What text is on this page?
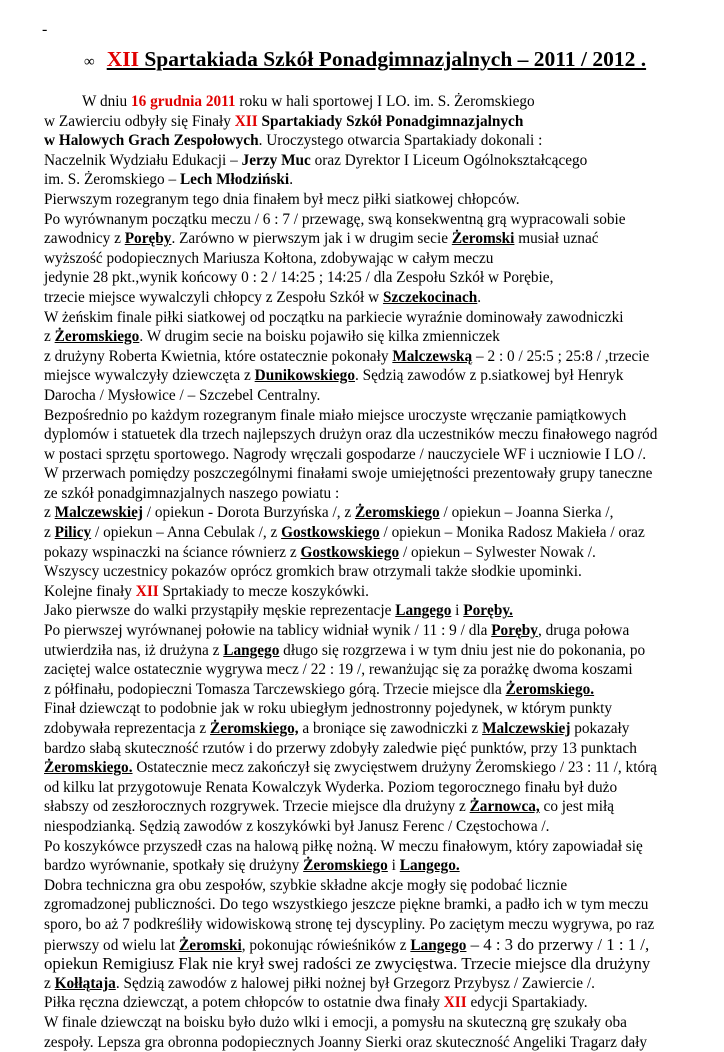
-
∞ XII Spartakiada Szkół Ponadgimnazjalnych – 2011 / 2012 .
W dniu 16 grudnia 2011 roku w hali sportowej I LO. im. S. Żeromskiego
w Zawierciu odbyły się Finały XII Spartakiady Szkół Ponadgimnazjalnych
w Halowych Grach Zespołowych. Uroczystego otwarcia Spartakiady dokonali :
Naczelnik Wydziału Edukacji – Jerzy Muc oraz Dyrektor I Liceum Ogólnokształcącego
im. S. Żeromskiego – Lech Młodziński.
Pierwszym rozegranym tego dnia finałem był mecz piłki siatkowej chłopców.
Po wyrównanym początku meczu / 6 : 7 / przewagę, swą konsekwentną grą wypracowali sobie
zawodnicy z Poręby. Zarówno w pierwszym jak i w drugim secie Żeromski musiał uznać
wyższość podopiecznych Mariusza Kołtona, zdobywając w całym meczu
jedynie 28 pkt.,wynik końcowy 0 : 2 / 14:25 ; 14:25 / dla Zespołu Szkół w Porębie,
trzecie miejsce wywalczyli chłopcy z Zespołu Szkół w Szczekocinach.
W żeńskim finale piłki siatkowej od początku na parkiecie wyraźnie dominowały zawodniczki
z Żeromskiego. W drugim secie na boisku pojawiło się kilka zmienniczek
z drużyny Roberta Kwietnia, które ostatecznie pokonały Malczewską – 2 : 0 / 25:5 ; 25:8 / ,trzecie
miejsce wywalczyły dziewczęta z Dunikowskiego. Sędzią zawodów z p.siatkowej był Henryk
Darocha / Mysłowice / – Szczebel Centralny.
Bezpośrednio po każdym rozegranym finale miało miejsce uroczyste wręczanie pamiątkowych
dyplomów i statuetek dla trzech najlepszych drużyn oraz dla uczestników meczu finałowego nagród
w postaci sprzętu sportowego. Nagrody wręczali gospodarze / nauczyciele WF i uczniowie I LO /.
W przerwach pomiędzy poszczególnymi finałami swoje umiejętności prezentowały grupy taneczne
ze szkół ponadgimnazjalnych naszego powiatu :
z Malczewskiej / opiekun - Dorota Burzyńska /, z Żeromskiego / opiekun – Joanna Sierka /,
z Pilicy / opiekun – Anna Cebulak /, z Gostkowskiego / opiekun – Monika Radosz Makieła / oraz
pokazy wspinaczki na ściance równierz z Gostkowskiego / opiekun – Sylwester Nowak /.
Wszyscy uczestnicy pokazów oprócz gromkich braw otrzymali także słodkie upominki.
Kolejne finały XII Sprtakiady to mecze koszykówki.
Jako pierwsze do walki przystąpiły męskie reprezentacje Langego i Poręby.
Po pierwszej wyrównanej połowie na tablicy widniał wynik / 11 : 9 / dla Poręby, druga połowa
utwierdziła nas, iż drużyna z Langego długo się rozgrzewa i w tym dniu jest nie do pokonania, po
zaciętej walce ostatecznie wygrywa mecz / 22 : 19 /, rewanżując się za porażkę dwoma koszami
z półfinału, podopieczni Tomasza Tarczewskiego górą. Trzecie miejsce dla Żeromskiego.
Finał dziewcząt to podobnie jak w roku ubiegłym jednostronny pojedynek, w którym punkty
zdobywała reprezentacja z Żeromskiego, a broniące się zawodniczki z Malczewskiej pokazały
bardzo słabą skuteczność rzutów i do przerwy zdobyły zaledwie pięć punktów, przy 13 punktach
Żeromskiego. Ostatecznie mecz zakończył się zwycięstwem drużyny Żeromskiego / 23 : 11 /, którą
od kilku lat przygotowuje Renata Kowalczyk Wyderka. Poziom tegorocznego finału był dużo
słabszy od zeszłorocznych rozgrywek. Trzecie miejsce dla drużyny z Żarnowca, co jest miłą
niespodzianką. Sędzią zawodów z koszykówki był Janusz Ferenc / Częstochowa /.
Po koszykówce przyszedł czas na halową piłkę nożną. W meczu finałowym, który zapowiadał się
bardzo wyrównanie, spotkały się drużyny Żeromskiego i Langego.
Dobra techniczna gra obu zespołów, szybkie składne akcje mogły się podobać licznie
zgromadzonej publiczności. Do tego wszystkiego jeszcze piękne bramki, a padło ich w tym meczu
sporo, bo aż 7 podkreśliły widowiskową stronę tej dyscypliny. Po zaciętym meczu wygrywa, po raz
pierwszy od wielu lat Żeromski, pokonując rówieśników z Langego – 4 : 3 do przerwy / 1 : 1 /,
opiekun Remigiusz Flak nie krył swej radości ze zwycięstwa. Trzecie miejsce dla drużyny
z Kołłątaja. Sędzią zawodów z halowej piłki nożnej był Grzegorz Przybysz / Zawiercie /.
Piłka ręczna dziewcząt, a potem chłopców to ostatnie dwa finały XII edycji Spartakiady.
W finale dziewcząt na boisku było dużo wlki i emocji, a pomysłu na skuteczną grę szukały oba
zespoły. Lepsza gra obronna podopiecznych Joanny Sierki oraz skuteczność Angeliki Tragarz dały
